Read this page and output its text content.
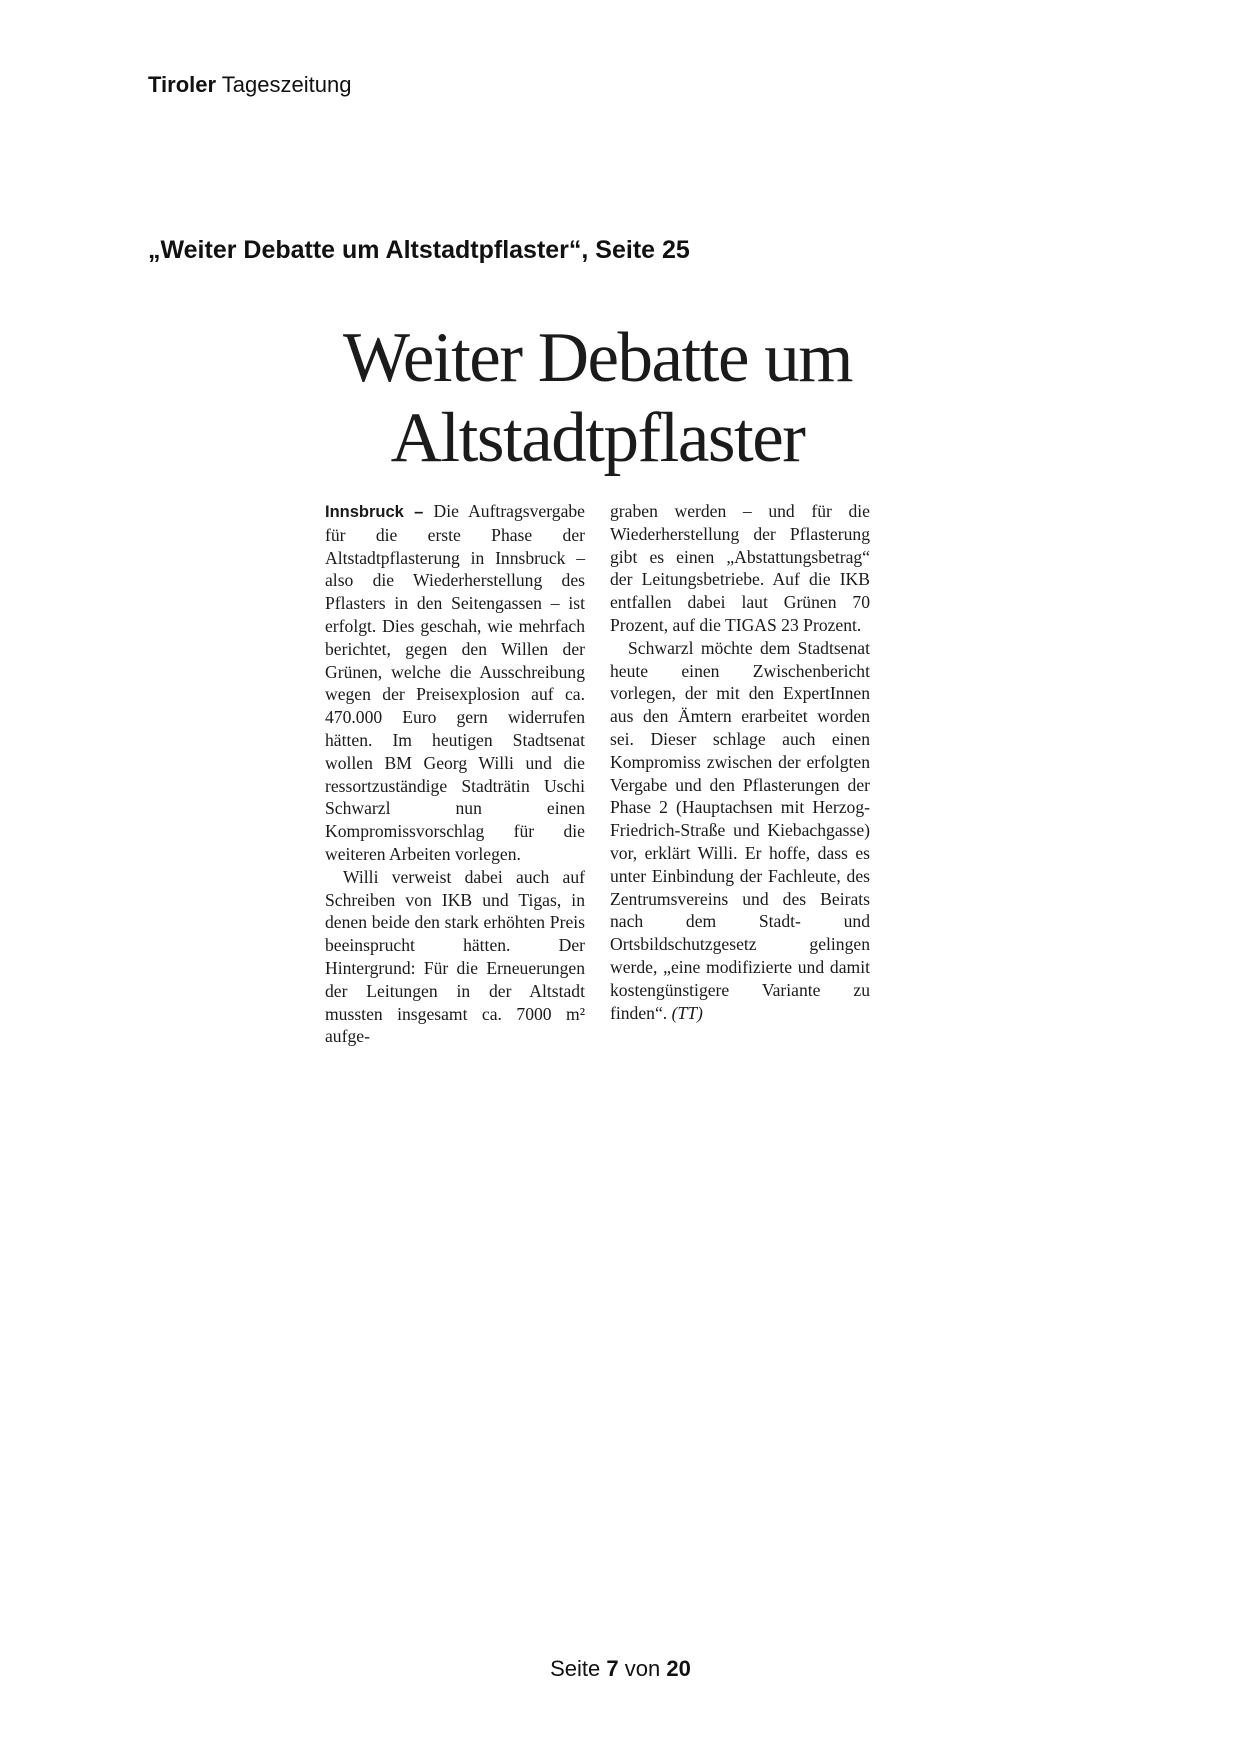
Tiroler Tageszeitung
„Weiter Debatte um Altstadtpflaster“, Seite 25
Weiter Debatte um
Altstadtpflaster

Innsbruck – Die Auftragsvergabe für die erste Phase der Altstadtpflasterung in Innsbruck – also die Wiederherstellung des Pflasters in den Seitengassen – ist erfolgt. Dies geschah, wie mehrfach berichtet, gegen den Willen der Grünen, welche die Ausschreibung wegen der Preisexplosion auf ca. 470.000 Euro gern widerrufen hätten. Im heutigen Stadtsenat wollen BM Georg Willi und die ressortzuständige Stadträtin Uschi Schwarzl nun einen Kompromissvorschlag für die weiteren Arbeiten vorlegen.

Willi verweist dabei auch auf Schreiben von IKB und Tigas, in denen beide den stark erhöhten Preis beeinsprucht hätten. Der Hintergrund: Für die Erneuerungen der Leitungen in der Altstadt mussten insgesamt ca. 7000 m² aufge-

graben werden – und für die Wiederherstellung der Pflasterung gibt es einen „Abstattungsbetrag“ der Leitungsbetriebe. Auf die IKB entfallen dabei laut Grünen 70 Prozent, auf die TIGAS 23 Prozent.

Schwarzl möchte dem Stadtsenat heute einen Zwischenbericht vorlegen, der mit den ExpertInnen aus den Ämtern erarbeitet worden sei. Dieser schlage auch einen Kompromiss zwischen der erfolgten Vergabe und den Pflasterungen der Phase 2 (Hauptachsen mit Herzog-Friedrich-Straße und Kiebachgasse) vor, erklärt Willi. Er hoffe, dass es unter Einbindung der Fachleute, des Zentrumsvereins und des Beirats nach dem Stadt- und Ortsbildschutzgesetz gelingen werde, „eine modifizierte und damit kostengünstigere Variante zu finden“. (TT)

Seite 7 von 20
